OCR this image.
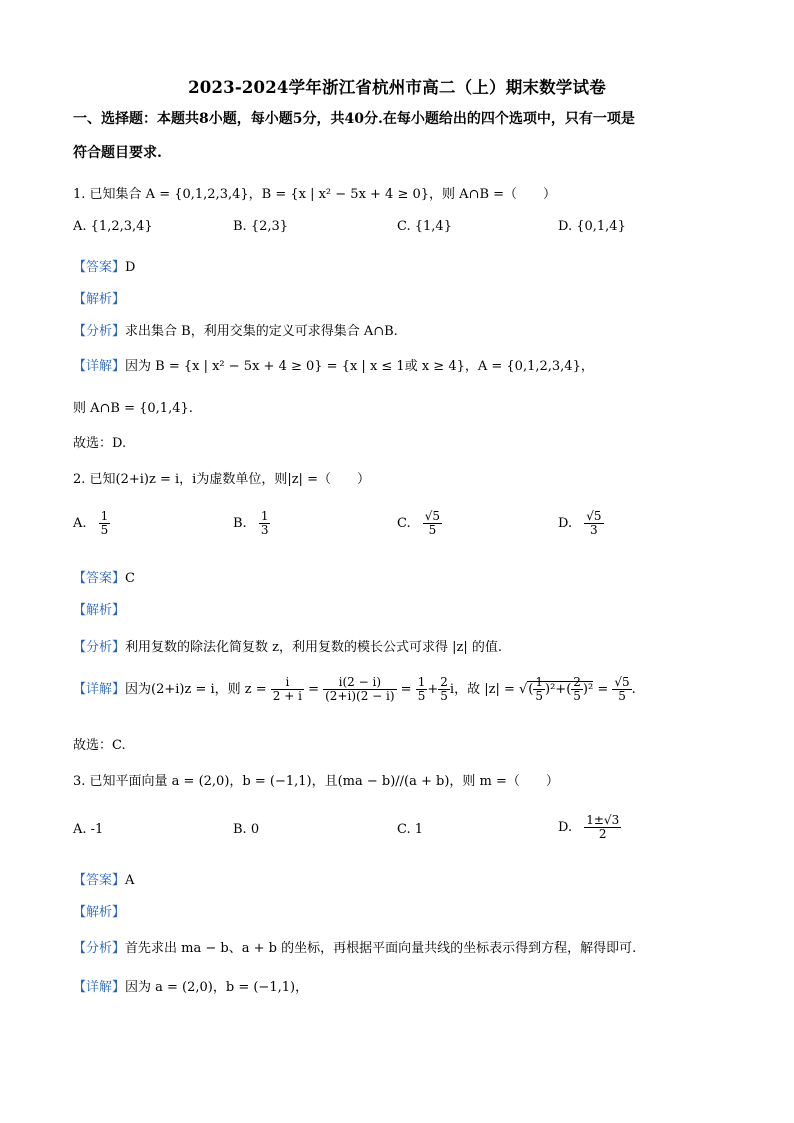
2023-2024学年浙江省杭州市高二（上）期末数学试卷
一、选择题：本题共8小题，每小题5分，共40分.在每小题给出的四个选项中，只有一项是
符合题目要求.
1. 已知集合 A = {0,1,2,3,4}，B = {x | x² − 5x + 4 ≥ 0}，则 A∩B =（　　）
A. {1,2,3,4}	B. {2,3}	C. {1,4}	D. {0,1,4}
【答案】D
【解析】
【分析】求出集合 B，利用交集的定义可求得集合 A∩B.
【详解】因为 B = {x | x² − 5x + 4 ≥ 0} = {x | x ≤ 1或 x ≥ 4}，A = {0,1,2,3,4}，
则 A∩B = {0,1,4}.
故选：D.
2. 已知(2+i)z = i，i为虚数单位，则|z| =（　　）
A. $\frac{1}{5}$	B. $\frac{1}{3}$	C. $\frac{√5}{5}$	D. $\frac{√5}{3}$
【答案】C
【解析】
【分析】利用复数的除法化简复数 z，利用复数的模长公式可求得 |z| 的值.
【详解】因为(2+i)z = i，则 $z = \frac{i}{2 + i} = \frac{i(2 - i)}{(2+i)(2 - i)} = \frac{1}{5} + \frac{2}{5}$ i，故 |z| = √( $\frac{1}{5} )^2+( \frac{2}{5} )^2 = \frac{√5}{5}$ .
故选：C.
3. 已知平面向量 a = (2,0)，b = (−1,1)，且(ma − b)//(a + b)，则 m =（　　）
A. -1	B. 0	C. 1	D. $\frac{1\pm√3}{2}$
【答案】A
【解析】
【分析】首先求出 ma − b、a + b 的坐标，再根据平面向量共线的坐标表示得到方程，解得即可.
【详解】因为 a = (2,0)，b = (−1,1)，
